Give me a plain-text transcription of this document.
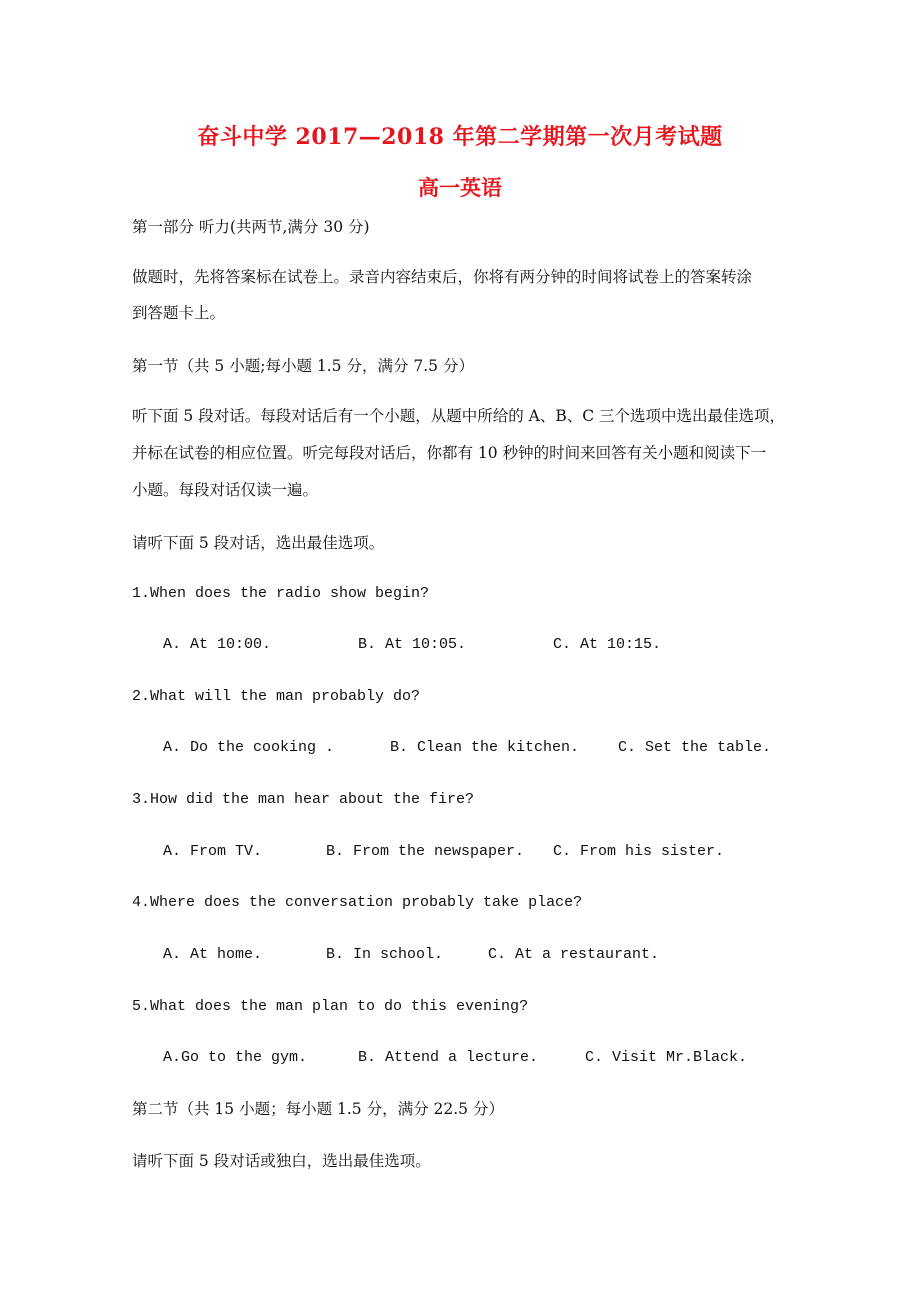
奋斗中学 2017—2018 年第二学期第一次月考试题
高一英语
第一部分 听力(共两节,满分 30 分)
做题时，先将答案标在试卷上。录音内容结束后，你将有两分钟的时间将试卷上的答案转涂
到答题卡上。
第一节（共 5 小题;每小题 1.5 分，满分 7.5 分）
听下面 5 段对话。每段对话后有一个小题，从题中所给的 A、B、C 三个选项中选出最佳选项，
并标在试卷的相应位置。听完每段对话后，你都有 10 秒钟的时间来回答有关小题和阅读下一
小题。每段对话仅读一遍。
请听下面 5 段对话，选出最佳选项。
1.When does the radio show begin?
A. At 10:00.	B. At 10:05.	C. At 10:15.
2.What will the man probably do?
A. Do the cooking .	B. Clean the kitchen.	C. Set the table.
3.How did the man hear about the fire?
A. From TV.	B. From the newspaper. C. From his sister.
4.Where does the conversation probably take place?
A. At home.	B. In school.	C. At a restaurant.
5.What does the man plan to do this evening?
A.Go to the gym.	B. Attend a lecture.	C. Visit Mr.Black.
第二节（共 15 小题；每小题 1.5 分，满分 22.5 分）
请听下面 5 段对话或独白，选出最佳选项。
